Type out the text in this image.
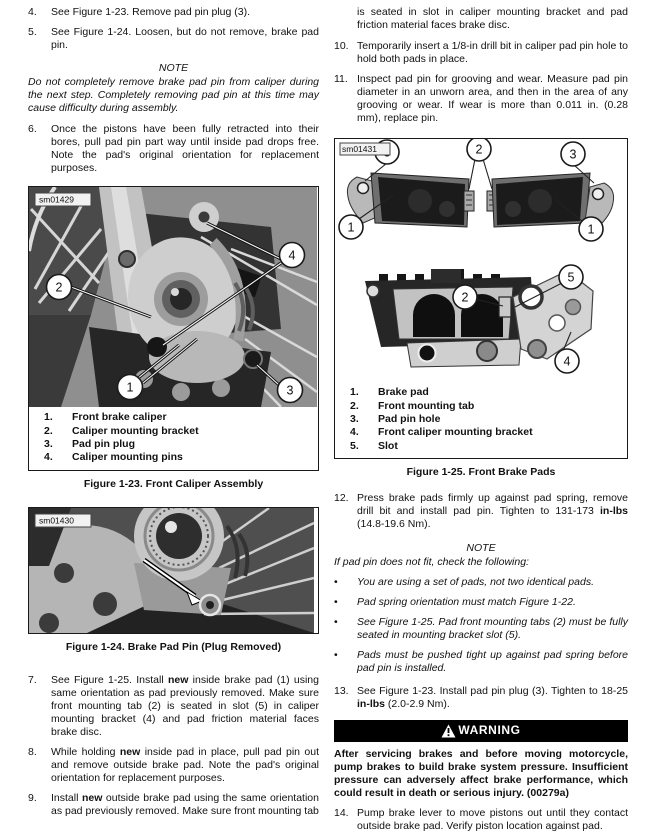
4.	See Figure 1-23. Remove pad pin plug (3).
5.	See Figure 1-24. Loosen, but do not remove, brake pad pin.
NOTE
Do not completely remove brake pad pin from caliper during the next step. Completely removing pad pin at this time may cause difficulty during assembly.
6.	Once the pistons have been fully retracted into their bores, pull pad pin part way until inside pad drops free. Note the pad's original orientation for replacement purposes.
2
4
1	3
sm01429
1.	Front brake caliper
2.	Caliper mounting bracket
3.	Pad pin plug
4.	Caliper mounting pins
Figure 1-23. Front Caliper Assembly
sm01430
Figure 1-24. Brake Pad Pin (Plug Removed)
7.	See Figure 1-25. Install new inside brake pad (1) using same orientation as pad previously removed. Make sure front mounting tab (2) is seated in slot (5) in caliper mounting bracket (4) and pad friction material faces brake disc.
8.	While holding new inside pad in place, pull pad pin out and remove outside brake pad. Note the pad's original orientation for replacement purposes.
9.	Install new outside brake pad using the same orientation as pad previously removed. Make sure front mounting tab
is seated in slot in caliper mounting bracket and pad friction material faces brake disc.
10. Temporarily insert a 1/8-in drill bit in caliper pad pin hole to hold both pads in place.
11. Inspect pad pin for grooving and wear. Measure pad pin diameter in an unworn area, and then in the area of any grooving or wear. If wear is more than 0.011 in. (0.28 mm), replace pin.
2	3
1	1
2
5
4
sm01431
1.	Brake pad
2.	Front mounting tab
3.	Pad pin hole
4.	Front caliper mounting bracket
5.	Slot
Figure 1-25. Front Brake Pads
12. Press brake pads firmly up against pad spring, remove drill bit and install pad pin. Tighten to 131-173 in-lbs (14.8-19.6 Nm).
NOTE
If pad pin does not fit, check the following:
•	You are using a set of pads, not two identical pads.
•	Pad spring orientation must match Figure 1-22.
•	See Figure 1-25. Pad front mounting tabs (2) must be fully seated in mounting bracket slot (5).
•	Pads must be pushed tight up against pad spring before pad pin is installed.
13. See Figure 1-23. Install pad pin plug (3). Tighten to 18-25 in-lbs (2.0-2.9 Nm).
WARNING
After servicing brakes and before moving motorcycle, pump brakes to build brake system pressure. Insufficient pressure can adversely affect brake performance, which could result in death or serious injury. (00279a)
14. Pump brake lever to move pistons out until they contact outside brake pad. Verify piston location against pad.
